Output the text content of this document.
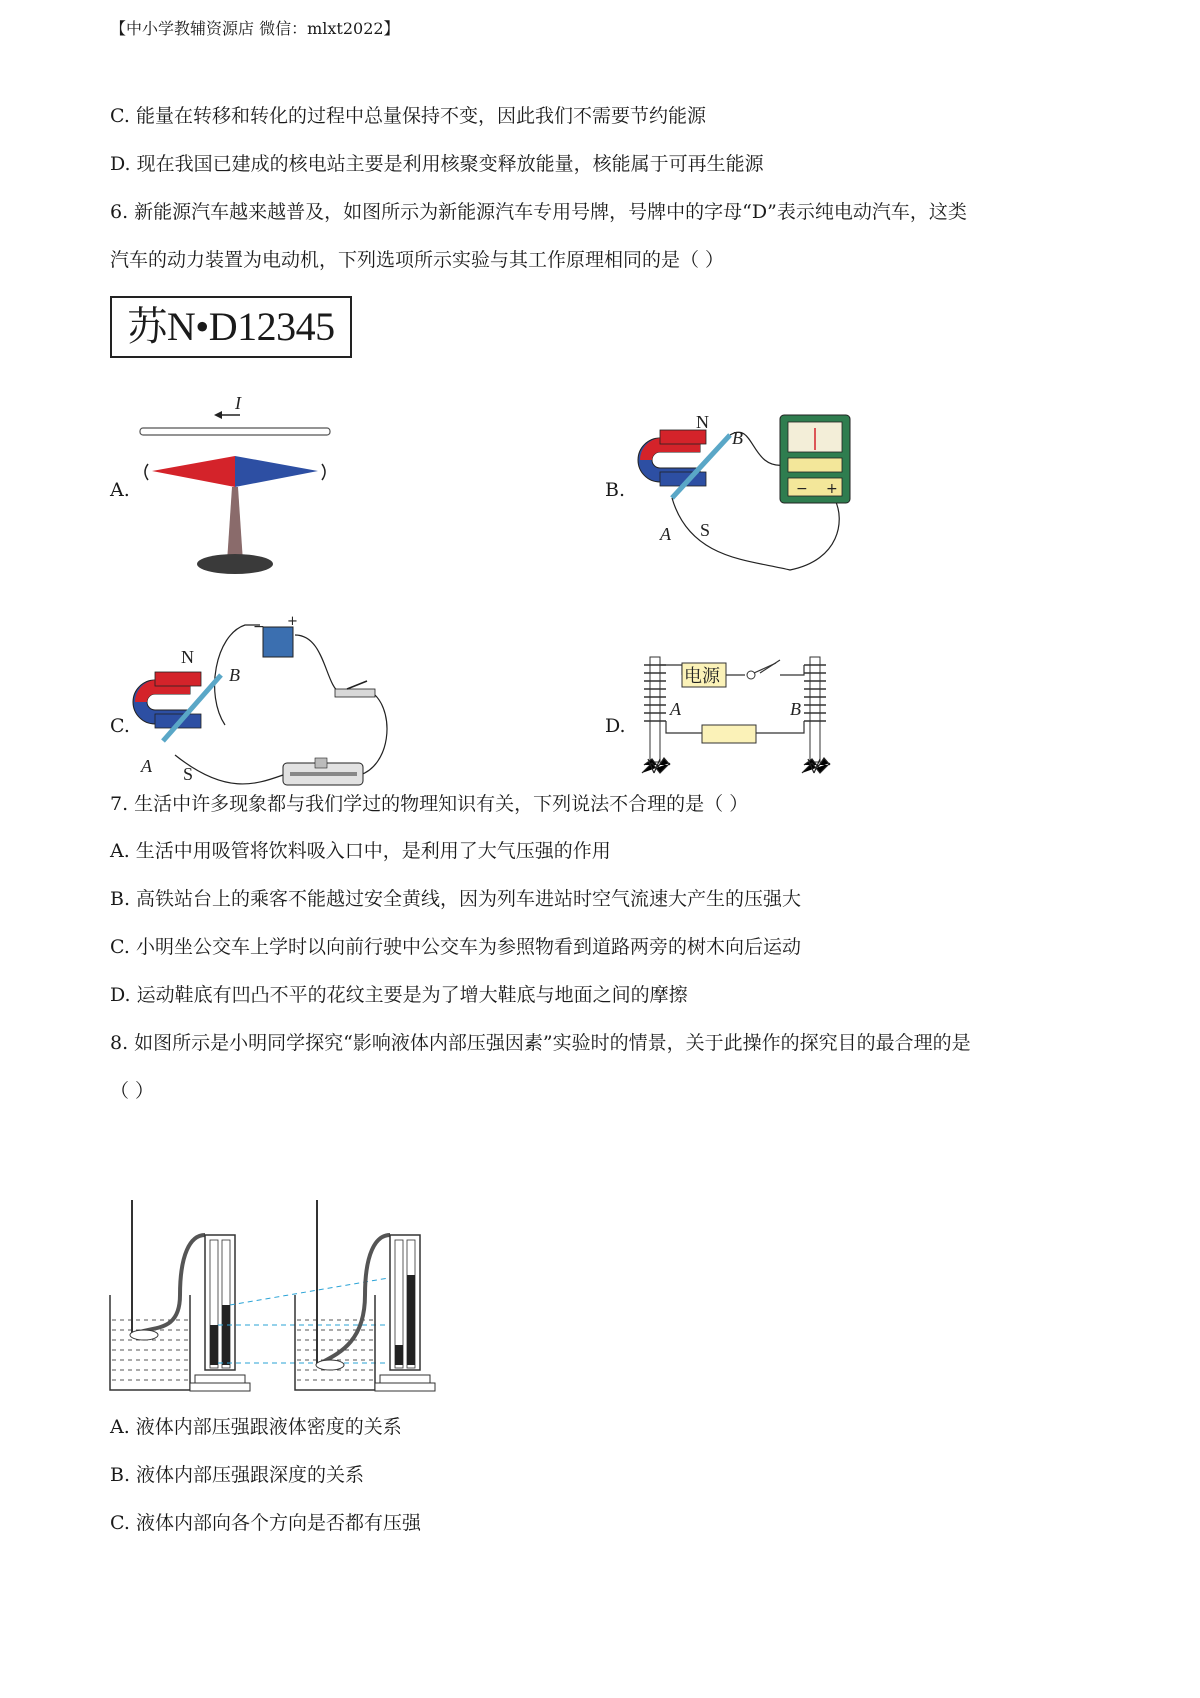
【中小学教辅资源店 微信：mlxt2022】
C. 能量在转移和转化的过程中总量保持不变，因此我们不需要节约能源
D. 现在我国已建成的核电站主要是利用核聚变释放能量，核能属于可再生能源
6. 新能源汽车越来越普及，如图所示为新能源汽车专用号牌，号牌中的字母“D”表示纯电动汽车，这类
汽车的动力装置为电动机，下列选项所示实验与其工作原理相同的是（ ）
苏N•D12345
A.
I
B.
N
S
A
B
− +
C.
− +
N
S
A
B
D.
电源
A	B
7. 生活中许多现象都与我们学过的物理知识有关，下列说法不合理的是（ ）
A. 生活中用吸管将饮料吸入口中，是利用了大气压强的作用
B. 高铁站台上的乘客不能越过安全黄线，因为列车进站时空气流速大产生的压强大
C. 小明坐公交车上学时以向前行驶中公交车为参照物看到道路两旁的树木向后运动
D. 运动鞋底有凹凸不平的花纹主要是为了增大鞋底与地面之间的摩擦
8. 如图所示是小明同学探究“影响液体内部压强因素”实验时的情景，关于此操作的探究目的最合理的是
（ ）
A. 液体内部压强跟液体密度的关系
B. 液体内部压强跟深度的关系
C. 液体内部向各个方向是否都有压强
